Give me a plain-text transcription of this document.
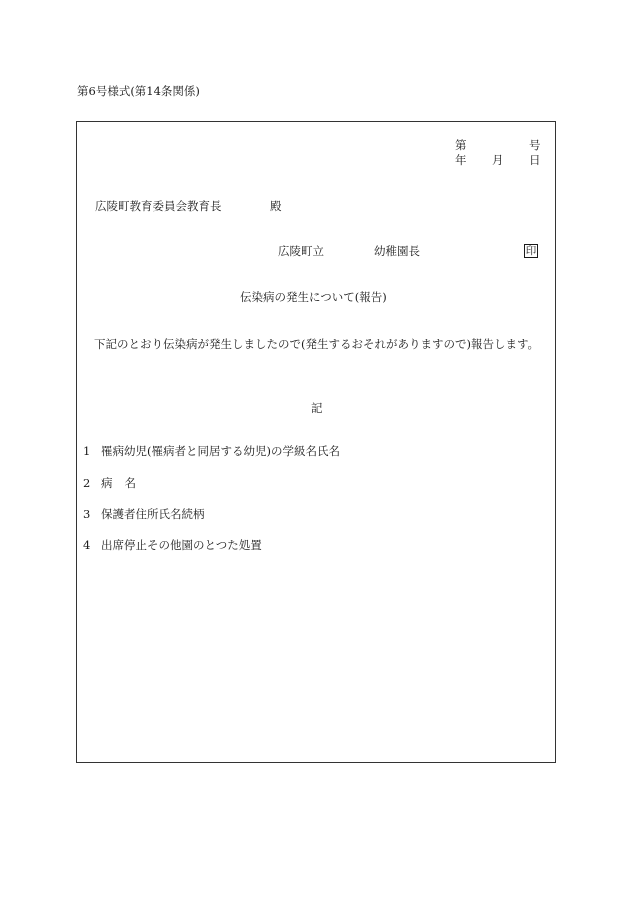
第6号様式(第14条関係)
第	号
年 月 日
広陵町教育委員会教育長	殿
広陵町立	幼稚園長	印
伝染病の発生について(報告)
下記のとおり伝染病が発生しましたので(発生するおそれがありますので)報告します。
記
1 罹病幼児(罹病者と同居する幼児)の学級名氏名
2 病名
3 保護者住所氏名続柄
4 出席停止その他園のとつた処置
